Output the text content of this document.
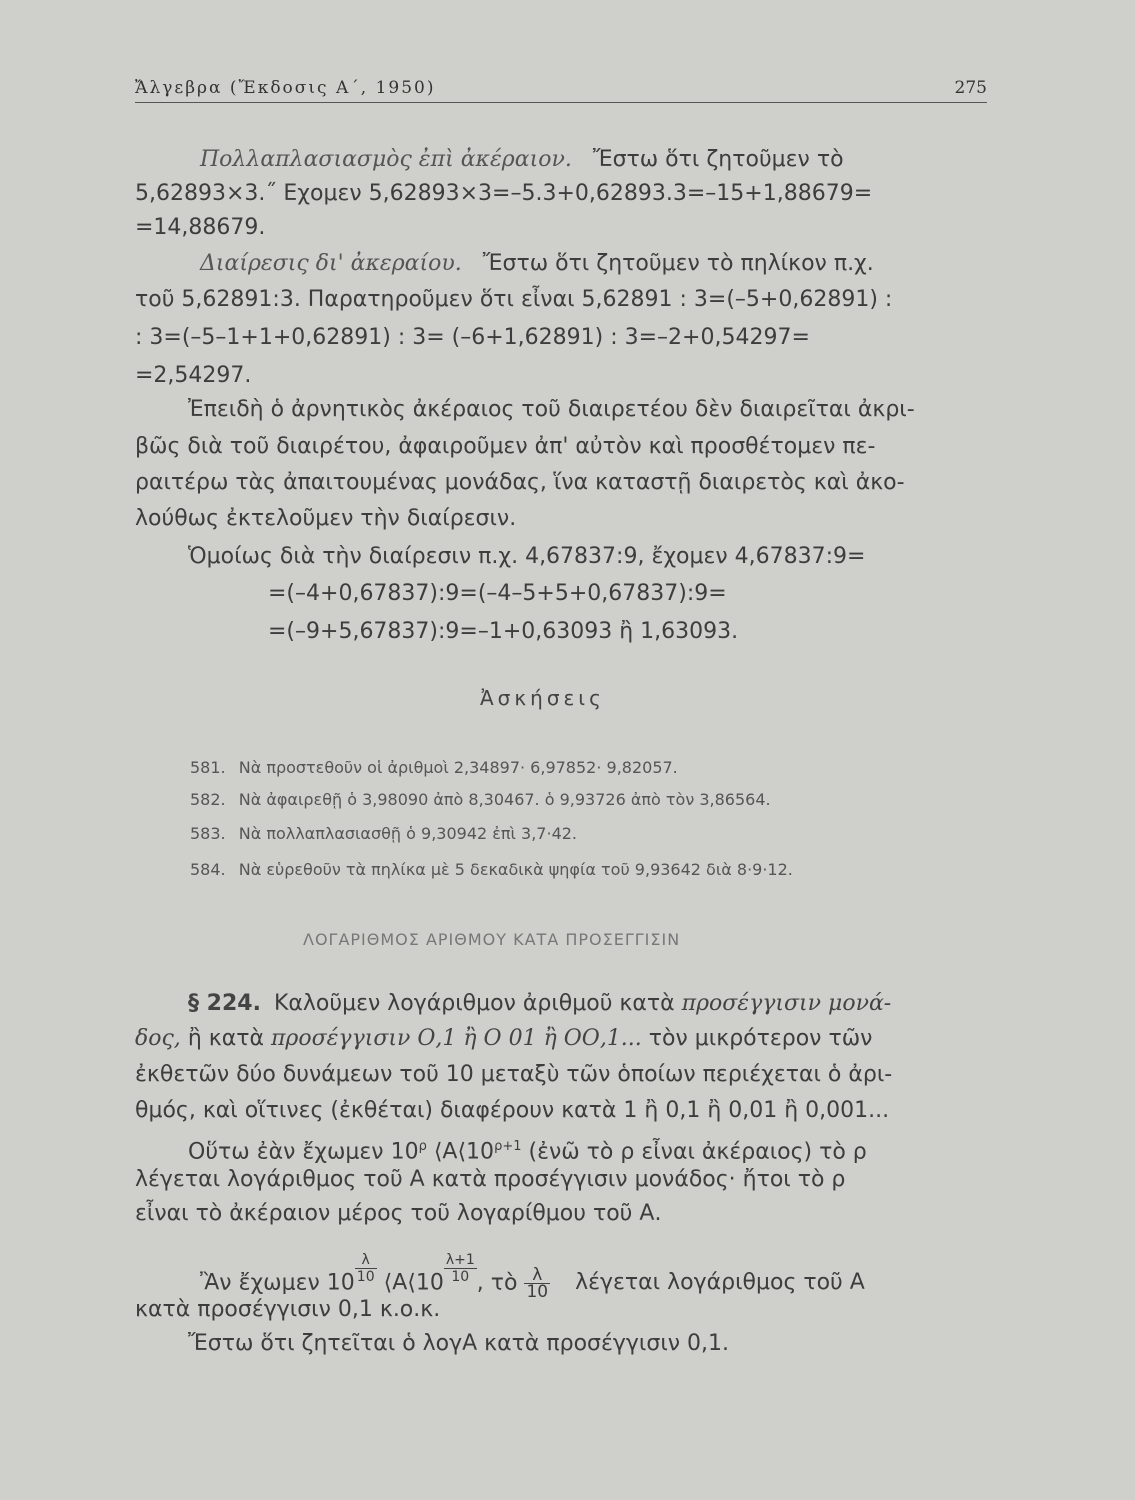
Ἄλγεβρα (Ἔκδοσις Α΄, 1950)	275
Πολλαπλασιασμὸς ἐπὶ ἀκέραιον. Ἔστω ὅτι ζητοῦμεν τὸ
5,62893×3.˝ Εχομεν 5,62893×3=–5.3+0,62893.3=–15+1,88679=
=14,88679.
Διαίρεσις δι' ἀκεραίου. Ἔστω ὅτι ζητοῦμεν τὸ πηλίκον π.χ.
τοῦ 5,62891:3. Παρατηροῦμεν ὅτι εἶναι 5,62891 : 3=(–5+0,62891) :
: 3=(–5–1+1+0,62891) : 3= (–6+1,62891) : 3=–2+0,54297=
=2,54297.
Ἐπειδὴ ὁ ἀρνητικὸς ἀκέραιος τοῦ διαιρετέου δὲν διαιρεῖται ἀκρι-
βῶς διὰ τοῦ διαιρέτου, ἀφαιροῦμεν ἀπ' αὐτὸν καὶ προσθέτομεν πε-
ραιτέρω τὰς ἀπαιτουμένας μονάδας, ἵνα καταστῇ διαιρετὸς καὶ ἀκο-
λούθως ἐκτελοῦμεν τὴν διαίρεσιν.
Ὁμοίως διὰ τὴν διαίρεσιν π.χ. 4,67837:9, ἔχομεν 4,67837:9=
=(–4+0,67837):9=(–4–5+5+0,67837):9=
=(–9+5,67837):9=–1+0,63093 ἢ 1,63093.
Ἀσκήσεις
581. Νὰ προστεθοῦν οἱ ἀριθμοὶ 2,34897· 6,97852· 9,82057.
582. Νὰ ἀφαιρεθῇ ὁ 3,98090 ἀπὸ 8,30467. ὁ 9,93726 ἀπὸ τὸν 3,86564.
583. Νὰ πολλαπλασιασθῇ ὁ 9,30942 ἐπὶ 3,7·42.
584. Νὰ εὑρεθοῦν τὰ πηλίκα μὲ 5 δεκαδικὰ ψηφία τοῦ 9,93642 διὰ 8·9·12.
ΛΟΓΑΡΙΘΜΟΣ ΑΡΙΘΜΟΥ ΚΑΤΑ ΠΡΟΣΕΓΓΙΣΙΝ
§ 224. Καλοῦμεν λογάριθμον ἀριθμοῦ κατὰ προσέγγισιν μονά-
δος, ἢ κατὰ προσέγγισιν Ο,1 ἢ Ο 01 ἢ ΟΟ,1... τὸν μικρότερον τῶν
ἐκθετῶν δύο δυνάμεων τοῦ 10 μεταξὺ τῶν ὁποίων περιέχεται ὁ ἀρι-
θμός, καὶ οἵτινες (ἐκθέται) διαφέρουν κατὰ 1 ἢ 0,1 ἢ 0,01 ἢ 0,001...
Οὕτω ἐὰν ἔχωμεν $10^\rho$ $⟨A⟨10^{\rho+1}$ (ἐνῶ τὸ ρ εἶναι ἀκέραιος) τὸ ρ
λέγεται λογάριθμος τοῦ Α κατὰ προσέγγισιν μονάδος· ἤτοι τὸ ρ
εἶναι τὸ ἀκέραιον μέρος τοῦ λογαρίθμου τοῦ Α.
Ἂν ἔχωμεν $10 \frac{\lambda}{10}$ ⟨Α⟨10 $\frac{\lambda+1}{10}$ , τὸ $\frac{\lambda}{10}$ λέγεται λογάριθμος τοῦ Α
κατὰ προσέγγισιν 0,1 κ.ο.κ.
Ἔστω ὅτι ζητεῖται ὁ λογΑ κατὰ προσέγγισιν 0,1.
